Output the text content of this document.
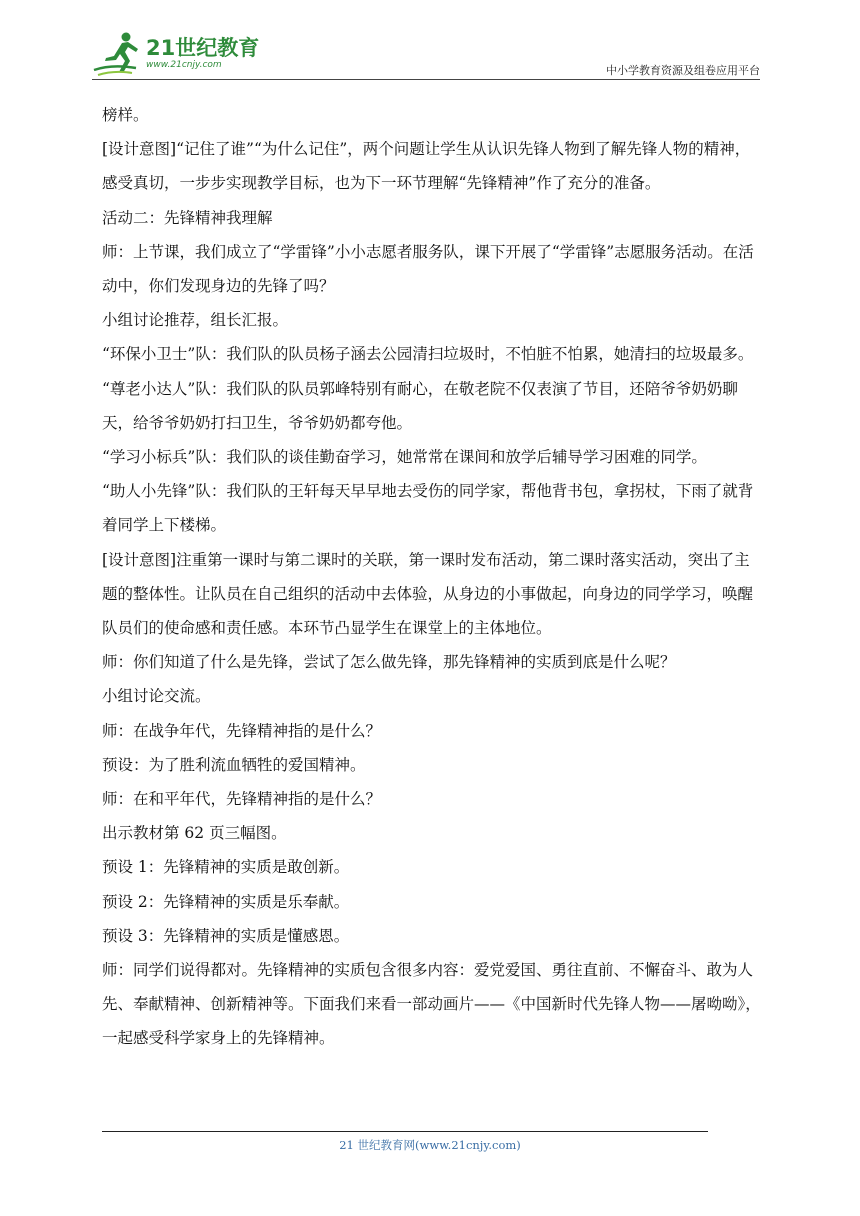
21世纪教育
www.21cnjy.com	中小学教育资源及组卷应用平台

榜样。

[设计意图]“记住了谁”“为什么记住”，两个问题让学生从认识先锋人物到了解先锋人物的精神，感受真切，一步步实现教学目标，也为下一环节理解“先锋精神”作了充分的准备。

活动二：先锋精神我理解

师：上节课，我们成立了“学雷锋”小小志愿者服务队，课下开展了“学雷锋”志愿服务活动。在活动中，你们发现身边的先锋了吗？

小组讨论推荐，组长汇报。

“环保小卫士”队：我们队的队员杨子涵去公园清扫垃圾时，不怕脏不怕累，她清扫的垃圾最多。

“尊老小达人”队：我们队的队员郭峰特别有耐心，在敬老院不仅表演了节目，还陪爷爷奶奶聊天，给爷爷奶奶打扫卫生，爷爷奶奶都夸他。

“学习小标兵”队：我们队的谈佳勤奋学习，她常常在课间和放学后辅导学习困难的同学。

“助人小先锋”队：我们队的王轩每天早早地去受伤的同学家，帮他背书包，拿拐杖，下雨了就背着同学上下楼梯。

[设计意图]注重第一课时与第二课时的关联，第一课时发布活动，第二课时落实活动，突出了主题的整体性。让队员在自己组织的活动中去体验，从身边的小事做起，向身边的同学学习，唤醒队员们的使命感和责任感。本环节凸显学生在课堂上的主体地位。

师：你们知道了什么是先锋，尝试了怎么做先锋，那先锋精神的实质到底是什么呢？

小组讨论交流。

师：在战争年代，先锋精神指的是什么？

预设：为了胜利流血牺牲的爱国精神。

师：在和平年代，先锋精神指的是什么？

出示教材第 62 页三幅图。

预设 1：先锋精神的实质是敢创新。

预设 2：先锋精神的实质是乐奉献。

预设 3：先锋精神的实质是懂感恩。

师：同学们说得都对。先锋精神的实质包含很多内容：爱党爱国、勇往直前、不懈奋斗、敢为人先、奉献精神、创新精神等。下面我们来看一部动画片——《中国新时代先锋人物——屠呦呦》，一起感受科学家身上的先锋精神。

21 世纪教育网(www.21cnjy.com)
